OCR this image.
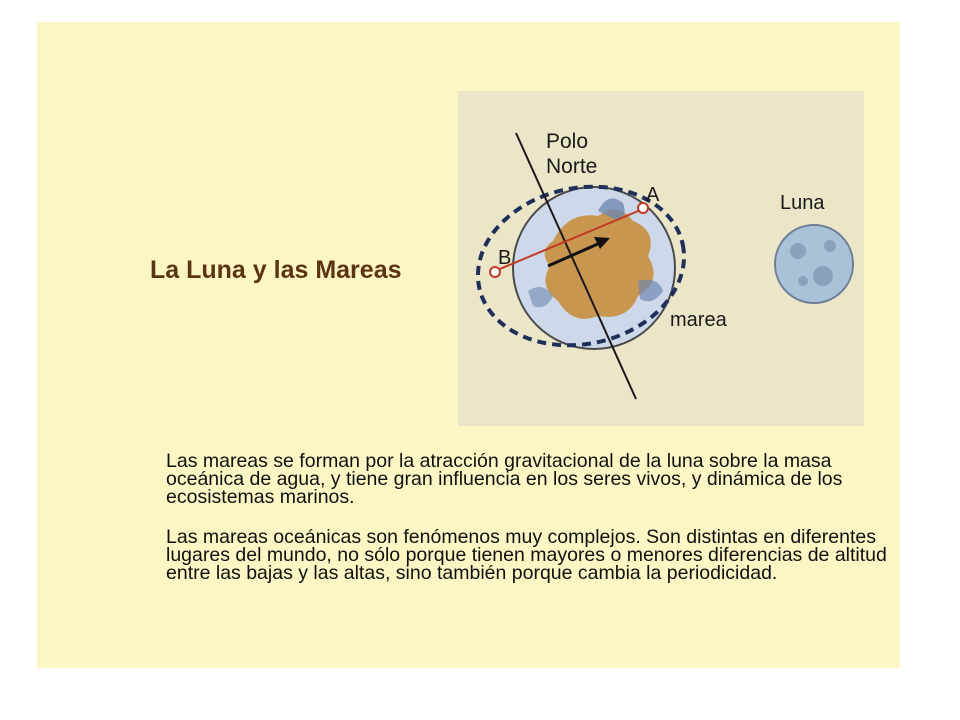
La Luna y las Mareas
Polo
Norte
A
B
Luna
marea

Las mareas se forman por la atracción gravitacional de la luna sobre la masa oceánica de agua, y tiene gran influencia en los seres vivos, y dinámica de los ecosistemas marinos.

Las mareas oceánicas son fenómenos muy complejos. Son distintas en diferentes lugares del mundo, no sólo porque tienen mayores o menores diferencias de altitud entre las bajas y las altas, sino también porque cambia la periodicidad.
